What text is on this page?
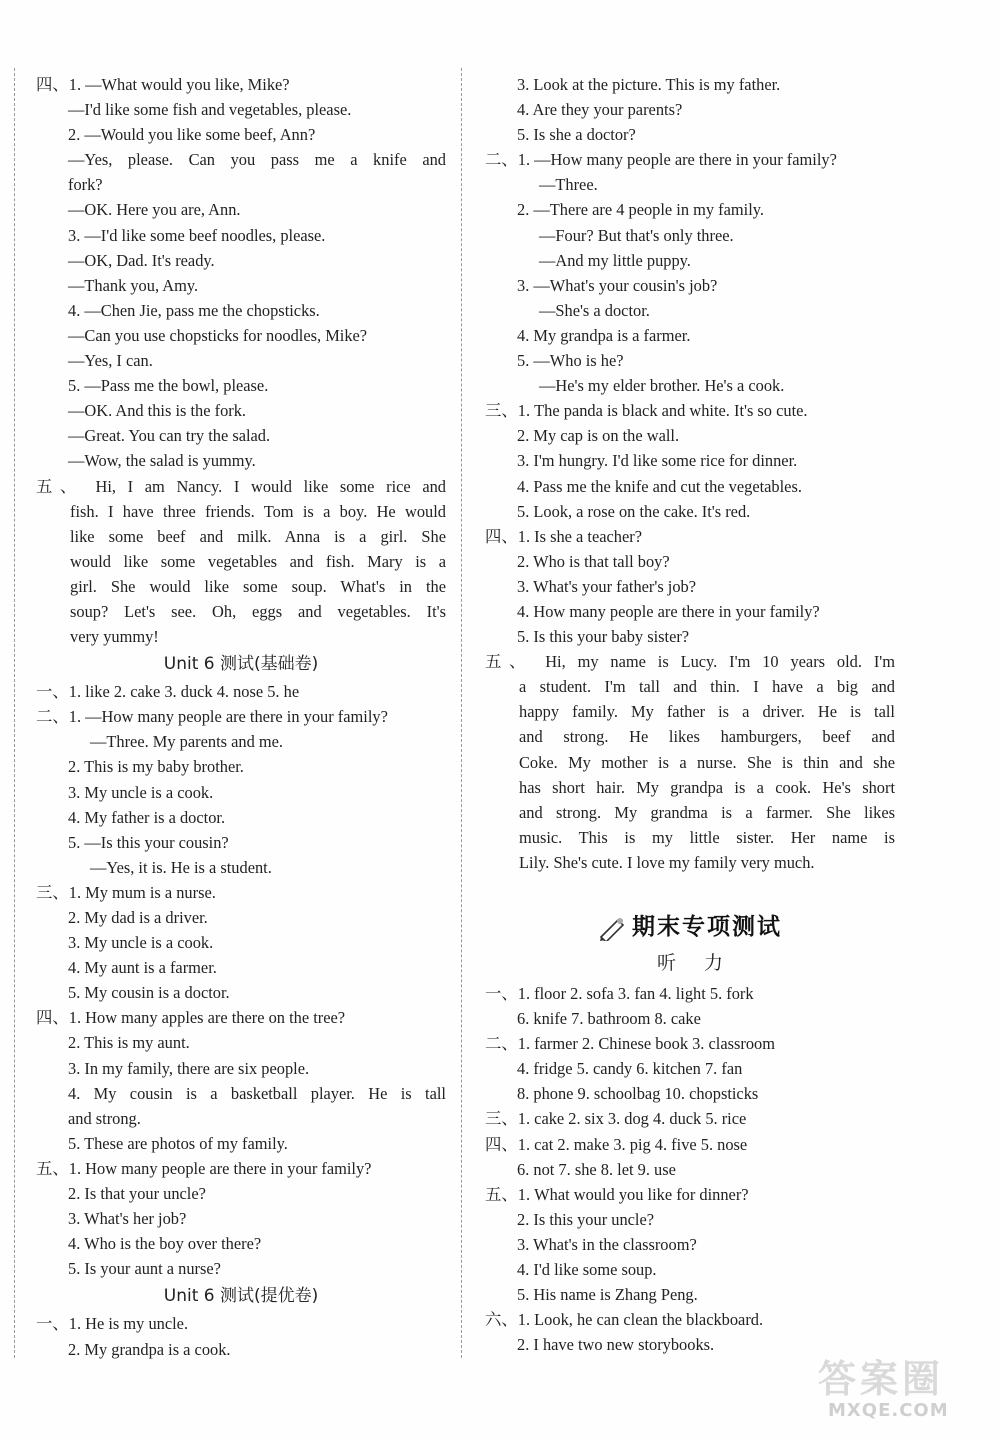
四、1. —What would you like, Mike?
—I'd like some fish and vegetables, please.
2. —Would you like some beef, Ann?
—Yes, please. Can you pass me a knife and
fork?
—OK. Here you are, Ann.
3. —I'd like some beef noodles, please.
—OK, Dad. It's ready.
—Thank you, Amy.
4. —Chen Jie, pass me the chopsticks.
—Can you use chopsticks for noodles, Mike?
—Yes, I can.
5. —Pass me the bowl, please.
—OK. And this is the fork.
—Great. You can try the salad.
—Wow, the salad is yummy.
五、 Hi, I am Nancy. I would like some rice and
fish. I have three friends. Tom is a boy. He would
like some beef and milk. Anna is a girl. She
would like some vegetables and fish. Mary is a
girl. She would like some soup. What's in the
soup? Let's see. Oh, eggs and vegetables. It's
very yummy!
Unit 6 测试(基础卷)
一、1. like 2. cake 3. duck 4. nose 5. he
二、1. —How many people are there in your family?
—Three. My parents and me.
2. This is my baby brother.
3. My uncle is a cook.
4. My father is a doctor.
5. —Is this your cousin?
—Yes, it is. He is a student.
三、1. My mum is a nurse.
2. My dad is a driver.
3. My uncle is a cook.
4. My aunt is a farmer.
5. My cousin is a doctor.
四、1. How many apples are there on the tree?
2. This is my aunt.
3. In my family, there are six people.
4. My cousin is a basketball player. He is tall
and strong.
5. These are photos of my family.
五、1. How many people are there in your family?
2. Is that your uncle?
3. What's her job?
4. Who is the boy over there?
5. Is your aunt a nurse?
Unit 6 测试(提优卷)
一、1. He is my uncle.
2. My grandpa is a cook.
3. Look at the picture. This is my father.
4. Are they your parents?
5. Is she a doctor?
二、1. —How many people are there in your family?
—Three.
2. —There are 4 people in my family.
—Four? But that's only three.
—And my little puppy.
3. —What's your cousin's job?
—She's a doctor.
4. My grandpa is a farmer.
5. —Who is he?
—He's my elder brother. He's a cook.
三、1. The panda is black and white. It's so cute.
2. My cap is on the wall.
3. I'm hungry. I'd like some rice for dinner.
4. Pass me the knife and cut the vegetables.
5. Look, a rose on the cake. It's red.
四、1. Is she a teacher?
2. Who is that tall boy?
3. What's your father's job?
4. How many people are there in your family?
5. Is this your baby sister?
五、 Hi, my name is Lucy. I'm 10 years old. I'm
a student. I'm tall and thin. I have a big and
happy family. My father is a driver. He is tall
and strong. He likes hamburgers, beef and
Coke. My mother is a nurse. She is thin and she
has short hair. My grandpa is a cook. He's short
and strong. My grandma is a farmer. She likes
music. This is my little sister. Her name is
Lily. She's cute. I love my family very much.
期末专项测试
听力
一、1. floor 2. sofa 3. fan 4. light 5. fork
6. knife 7. bathroom 8. cake
二、1. farmer 2. Chinese book 3. classroom
4. fridge 5. candy 6. kitchen 7. fan
8. phone 9. schoolbag 10. chopsticks
三、1. cake 2. six 3. dog 4. duck 5. rice
四、1. cat 2. make 3. pig 4. five 5. nose
6. not 7. she 8. let 9. use
五、1. What would you like for dinner?
2. Is this your uncle?
3. What's in the classroom?
4. I'd like some soup.
5. His name is Zhang Peng.
六、1. Look, he can clean the blackboard.
2. I have two new storybooks.
答案圈
MXQE.COM
